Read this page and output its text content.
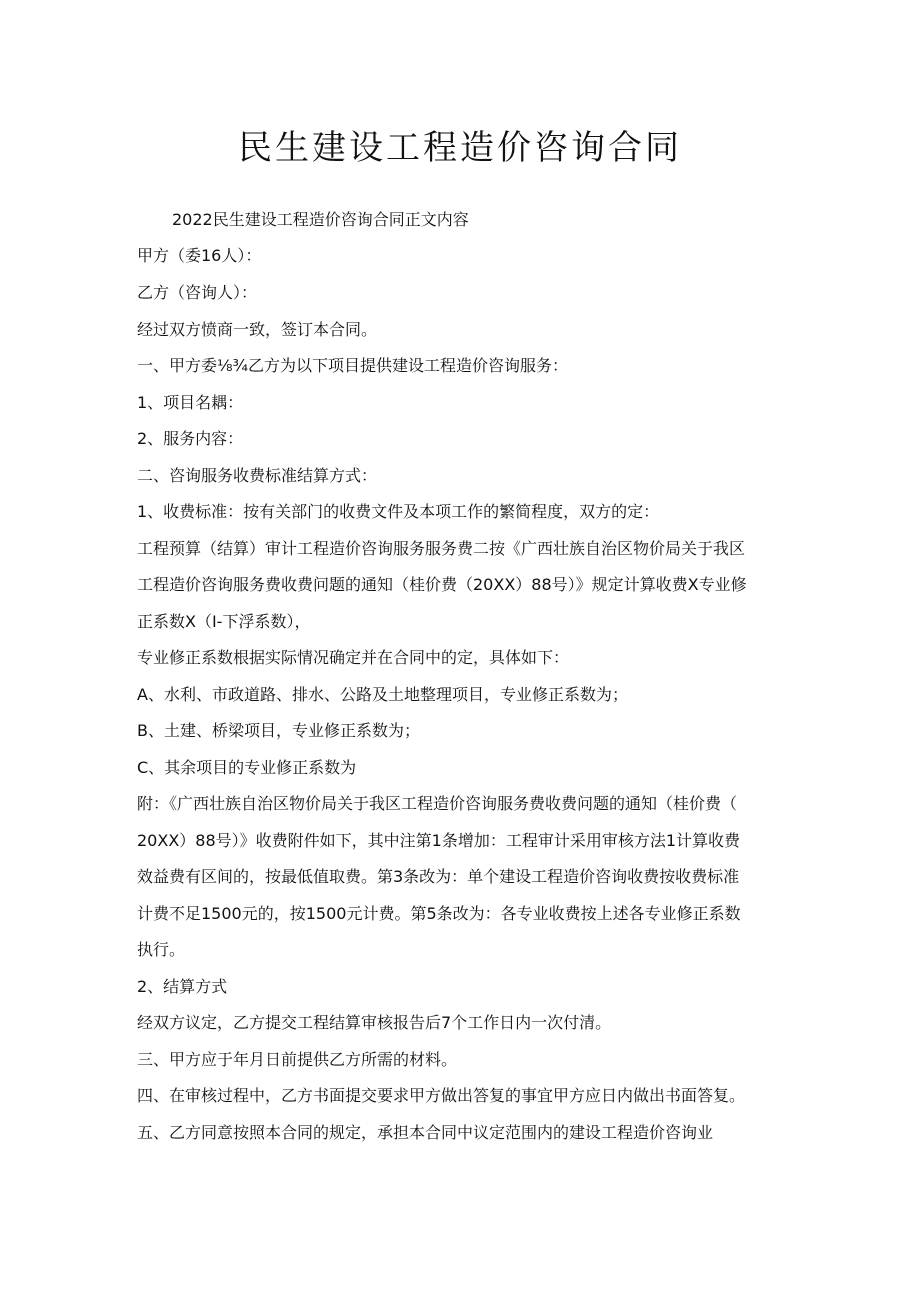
民生建设工程造价咨询合同
2022民生建设工程造价咨询合同正文内容
甲方（委16人）：
乙方（咨询人）：
经过双方愤商一致，签订本合同。
一、甲方委⅛¾乙方为以下项目提供建设工程造价咨询服务：
1、项目名耦：
2、服务内容：
二、咨询服务收费标准结算方式：
1、收费标准：按有关部门的收费文件及本项工作的繁简程度，双方的定：
工程预算（结算）审计工程造价咨询服务服务费二按《广西壮族自治区物价局关于我区
工程造价咨询服务费收费问题的通知（桂价费（20XX）88号）》规定计算收费X专业修
正系数X（I-下浮系数），
专业修正系数根据实际情况确定并在合同中的定，具体如下：
A、水利、市政道路、排水、公路及土地整理项目，专业修正系数为；
B、土建、桥梁项目，专业修正系数为；
C、其余项目的专业修正系数为
附：《广西壮族自治区物价局关于我区工程造价咨询服务费收费问题的通知（桂价费（
20XX）88号）》收费附件如下，其中注第1条增加：工程审计采用审核方法1计算收费
效益费有区间的，按最低值取费。第3条改为：单个建设工程造价咨询收费按收费标准
计费不足1500元的，按1500元计费。第5条改为：各专业收费按上述各专业修正系数
执行。
2、结算方式
经双方议定，乙方提交工程结算审核报告后7个工作日内一次付清。
三、甲方应于年月日前提供乙方所需的材料。
四、在审核过程中，乙方书面提交要求甲方做出答复的事宜甲方应日内做出书面答复。
五、乙方同意按照本合同的规定，承担本合同中议定范围内的建设工程造价咨询业
